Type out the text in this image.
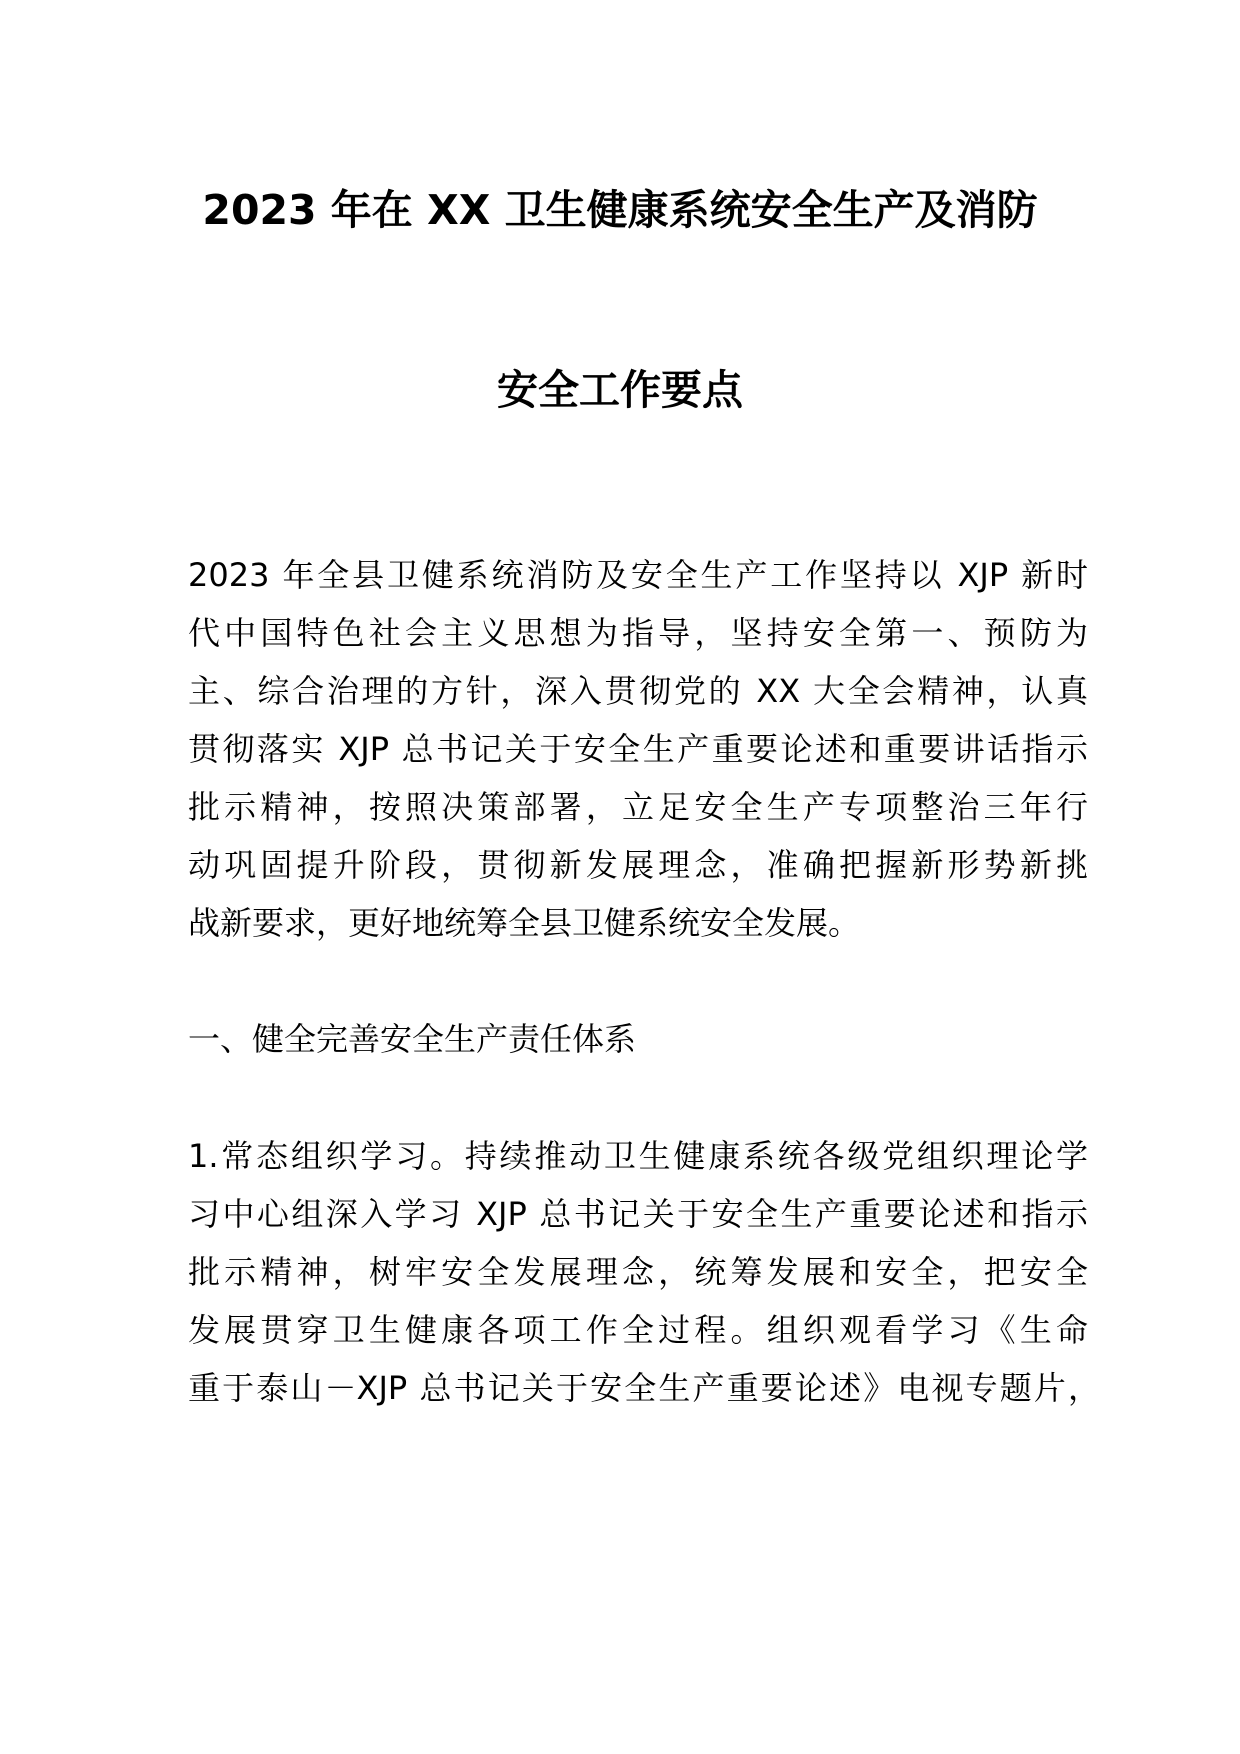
2023 年在 XX 卫生健康系统安全生产及消防
安全工作要点
2023 年全县卫健系统消防及安全生产工作坚持以 XJP 新时
代中国特色社会主义思想为指导，坚持安全第一、预防为
主、综合治理的方针，深入贯彻党的 XX 大全会精神，认真
贯彻落实 XJP 总书记关于安全生产重要论述和重要讲话指示
批示精神，按照决策部署，立足安全生产专项整治三年行
动巩固提升阶段，贯彻新发展理念，准确把握新形势新挑
战新要求，更好地统筹全县卫健系统安全发展。
一、健全完善安全生产责任体系
1.常态组织学习。持续推动卫生健康系统各级党组织理论学
习中心组深入学习 XJP 总书记关于安全生产重要论述和指示
批示精神，树牢安全发展理念，统筹发展和安全，把安全
发展贯穿卫生健康各项工作全过程。组织观看学习《生命
重于泰山－XJP 总书记关于安全生产重要论述》电视专题片，
